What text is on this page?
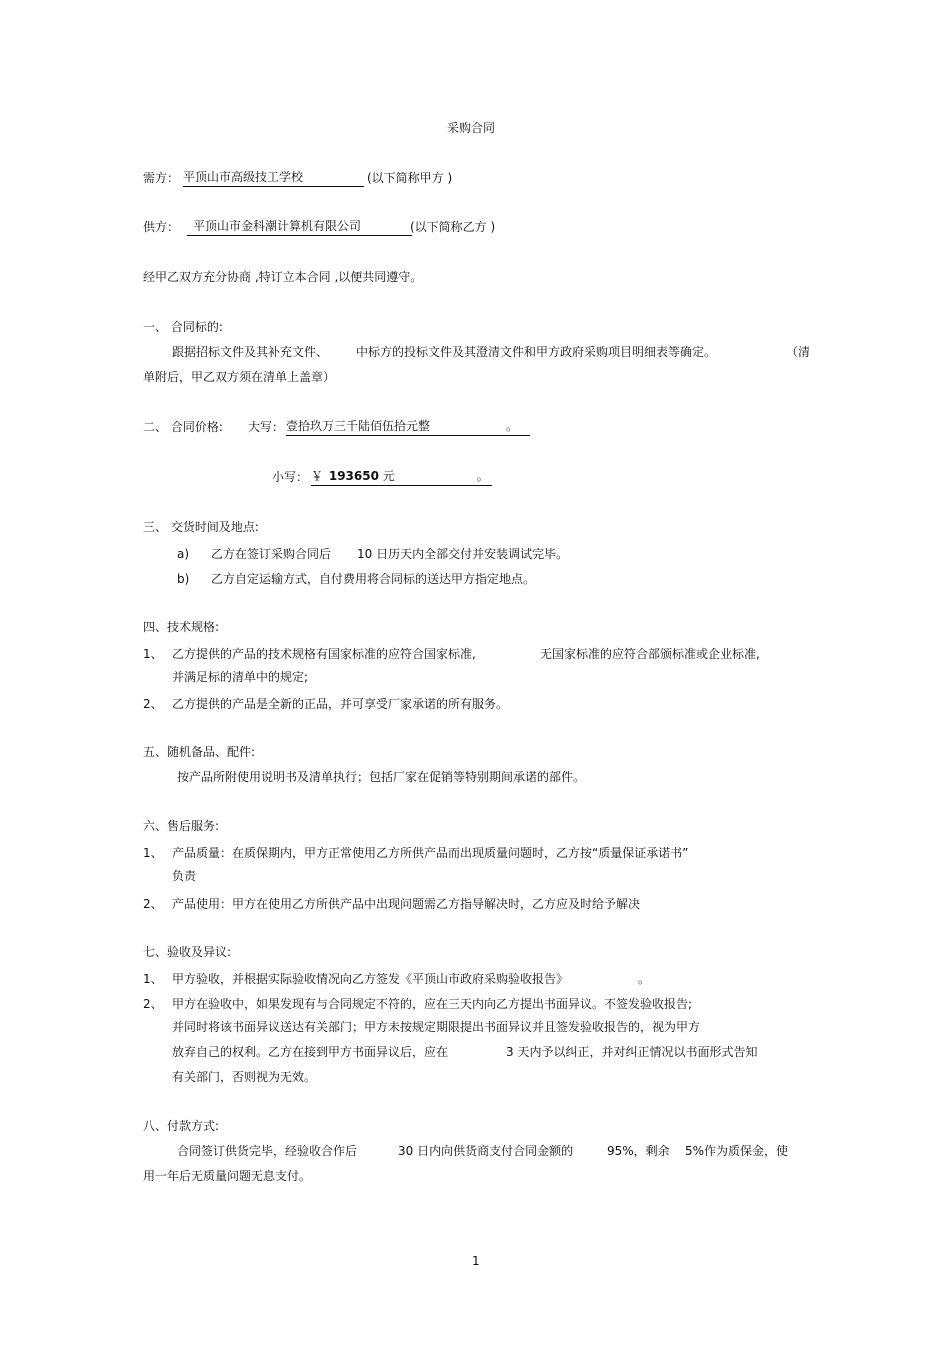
采购合同
需方： 平顶山市高级技工学校	(以下简称甲方 )
供方：	平顶山市金科潮计算机有限公司	(以下简称乙方 )
经甲乙双方充分协商 ,特订立本合同 ,以便共同遵守。
一、 合同标的:
跟据招标文件及其补充文件、 中标方的投标文件及其澄清文件和甲方政府采购项目明细表等确定。	（清
单附后，甲乙双方须在清单上盖章）
二、 合同价格: 大写： 壹拾玖万三千陆佰伍拾元整	。
小写： ￥ 193650 元	。
三、 交货时间及地点:
a) 乙方在签订采购合同后 10 日历天内全部交付并安装调试完毕。
b) 乙方自定运输方式，自付费用将合同标的送达甲方指定地点。
四、技术规格:
1、 乙方提供的产品的技术规格有国家标准的应符合国家标准,	无国家标准的应符合部颁标准或企业标准,
并满足标的清单中的规定;
2、 乙方提供的产品是全新的正品，并可享受厂家承诺的所有服务。
五、随机备品、配件:
按产品所附使用说明书及清单执行；包括厂家在促销等特别期间承诺的部件。
六、售后服务:
1、 产品质量：在质保期内，甲方正常使用乙方所供产品而出现质量问题时，乙方按“质量保证承诺书”
负责
2、 产品使用：甲方在使用乙方所供产品中出现问题需乙方指导解决时，乙方应及时给予解决
七、验收及异议:
1、 甲方验收，并根据实际验收情况向乙方签发《平顶山市政府采购验收报告》	。
2、 甲方在验收中，如果发现有与合同规定不符的，应在三天内向乙方提出书面异议。不签发验收报告;
并同时将该书面异议送达有关部门；甲方未按规定期限提出书面异议并且签发验收报告的，视为甲方
放弃自己的权利。乙方在接到甲方书面异议后，应在	3 天内予以纠正，并对纠正情况以书面形式告知
有关部门，否则视为无效。
八、付款方式:
合同签订供货完毕，经验收合作后	30 日内向供货商支付合同金额的	95%，剩余 5%作为质保金，使
用一年后无质量问题无息支付。
1
